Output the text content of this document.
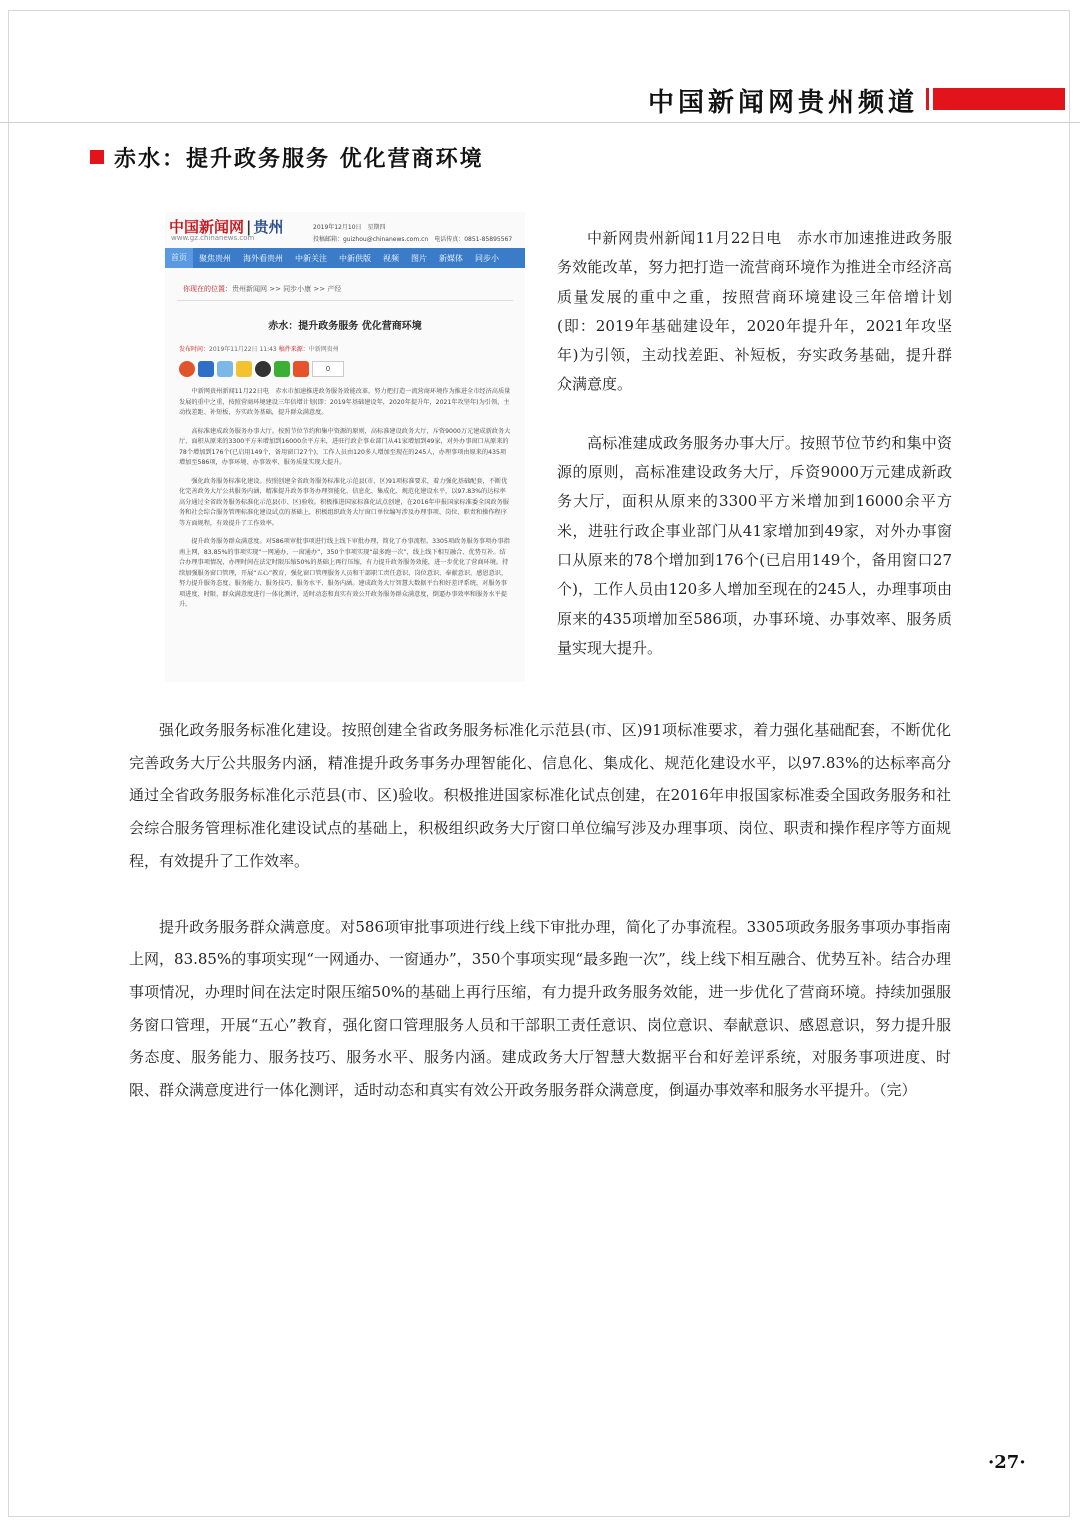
中国新闻网贵州频道
赤水：提升政务服务 优化营商环境
中国新闻网 | 贵州
www.gz.chinanews.com
2019年12月10日　星期四
投稿邮箱：guizhou@chinanews.com.cn　电话传真：0851-85895567
首页	聚焦贵州	海外看贵州	中新关注	中新供版	视频	图片	新媒体	同步小
你现在的位置：贵州新闻网 >> 同步小康 >> 产经
赤水：提升政务服务 优化营商环境
发布时间：2019年11月22日 11:43 稿件来源：中新网贵州
0

中新网贵州新闻11月22日电　赤水市加速推进政务服务效能改革，努力把打造一流营商环境作为推进全市经济高质量发展的重中之重，按照营商环境建设三年倍增计划(即：2019年基础建设年，2020年提升年，2021年攻坚年)为引领，主动找差距、补短板，夯实政务基础，提升群众满意度。

高标准建成政务服务办事大厅。按照节位节约和集中资源的原则，高标准建设政务大厅，斥资9000万元建成新政务大厅，面积从原来的3300平方米增加到16000余平方米，进驻行政企事业部门从41家增加到49家，对外办事窗口从原来的78个增加到176个(已启用149个，备用窗口27个)，工作人员由120多人增加至现在的245人，办理事项由原来的435项增加至586项，办事环境、办事效率、服务质量实现大提升。

强化政务服务标准化建设。按照创建全省政务服务标准化示范县(市、区)91项标准要求，着力强化基础配套，不断优化完善政务大厅公共服务内涵，精准提升政务事务办理智能化、信息化、集成化、规范化建设水平，以97.83%的达标率高分通过全省政务服务标准化示范县(市、区)验收。积极推进国家标准化试点创建，在2016年申报国家标准委全国政务服务和社会综合服务管理标准化建设试点的基础上，积极组织政务大厅窗口单位编写涉及办理事项、岗位、职责和操作程序等方面规程，有效提升了工作效率。

提升政务服务群众满意度。对586项审批事项进行线上线下审批办理，简化了办事流程。3305项政务服务事项办事指南上网，83.85%的事项实现“一网通办、一窗通办”，350个事项实现“最多跑一次”，线上线下相互融合、优势互补。结合办理事项情况，办理时间在法定时限压缩50%的基础上再行压缩，有力提升政务服务效能，进一步优化了营商环境。持续加强服务窗口管理，开展“五心”教育，强化窗口管理服务人员和干部职工责任意识、岗位意识、奉献意识、感恩意识，努力提升服务态度、服务能力、服务技巧、服务水平、服务内涵。建成政务大厅智慧大数据平台和好差评系统，对服务事项进度、时限、群众满意度进行一体化测评，适时动态和真实有效公开政务服务群众满意度，倒逼办事效率和服务水平提升。

中新网贵州新闻11月22日电　赤水市加速推进政务服务效能改革，努力把打造一流营商环境作为推进全市经济高质量发展的重中之重，按照营商环境建设三年倍增计划(即：2019年基础建设年，2020年提升年，2021年攻坚年)为引领，主动找差距、补短板，夯实政务基础，提升群众满意度。

高标准建成政务服务办事大厅。按照节位节约和集中资源的原则，高标准建设政务大厅，斥资9000万元建成新政务大厅，面积从原来的3300平方米增加到16000余平方米，进驻行政企事业部门从41家增加到49家，对外办事窗口从原来的78个增加到176个(已启用149个，备用窗口27个)，工作人员由120多人增加至现在的245人，办理事项由原来的435项增加至586项，办事环境、办事效率、服务质量实现大提升。

强化政务服务标准化建设。按照创建全省政务服务标准化示范县(市、区)91项标准要求，着力强化基础配套，不断优化完善政务大厅公共服务内涵，精准提升政务事务办理智能化、信息化、集成化、规范化建设水平，以97.83%的达标率高分通过全省政务服务标准化示范县(市、区)验收。积极推进国家标准化试点创建，在2016年申报国家标准委全国政务服务和社会综合服务管理标准化建设试点的基础上，积极组织政务大厅窗口单位编写涉及办理事项、岗位、职责和操作程序等方面规程，有效提升了工作效率。

提升政务服务群众满意度。对586项审批事项进行线上线下审批办理，简化了办事流程。3305项政务服务事项办事指南上网，83.85%的事项实现“一网通办、一窗通办”，350个事项实现“最多跑一次”，线上线下相互融合、优势互补。结合办理事项情况，办理时间在法定时限压缩50%的基础上再行压缩，有力提升政务服务效能，进一步优化了营商环境。持续加强服务窗口管理，开展“五心”教育，强化窗口管理服务人员和干部职工责任意识、岗位意识、奉献意识、感恩意识，努力提升服务态度、服务能力、服务技巧、服务水平、服务内涵。建成政务大厅智慧大数据平台和好差评系统，对服务事项进度、时限、群众满意度进行一体化测评，适时动态和真实有效公开政务服务群众满意度，倒逼办事效率和服务水平提升。（完）

·27·
